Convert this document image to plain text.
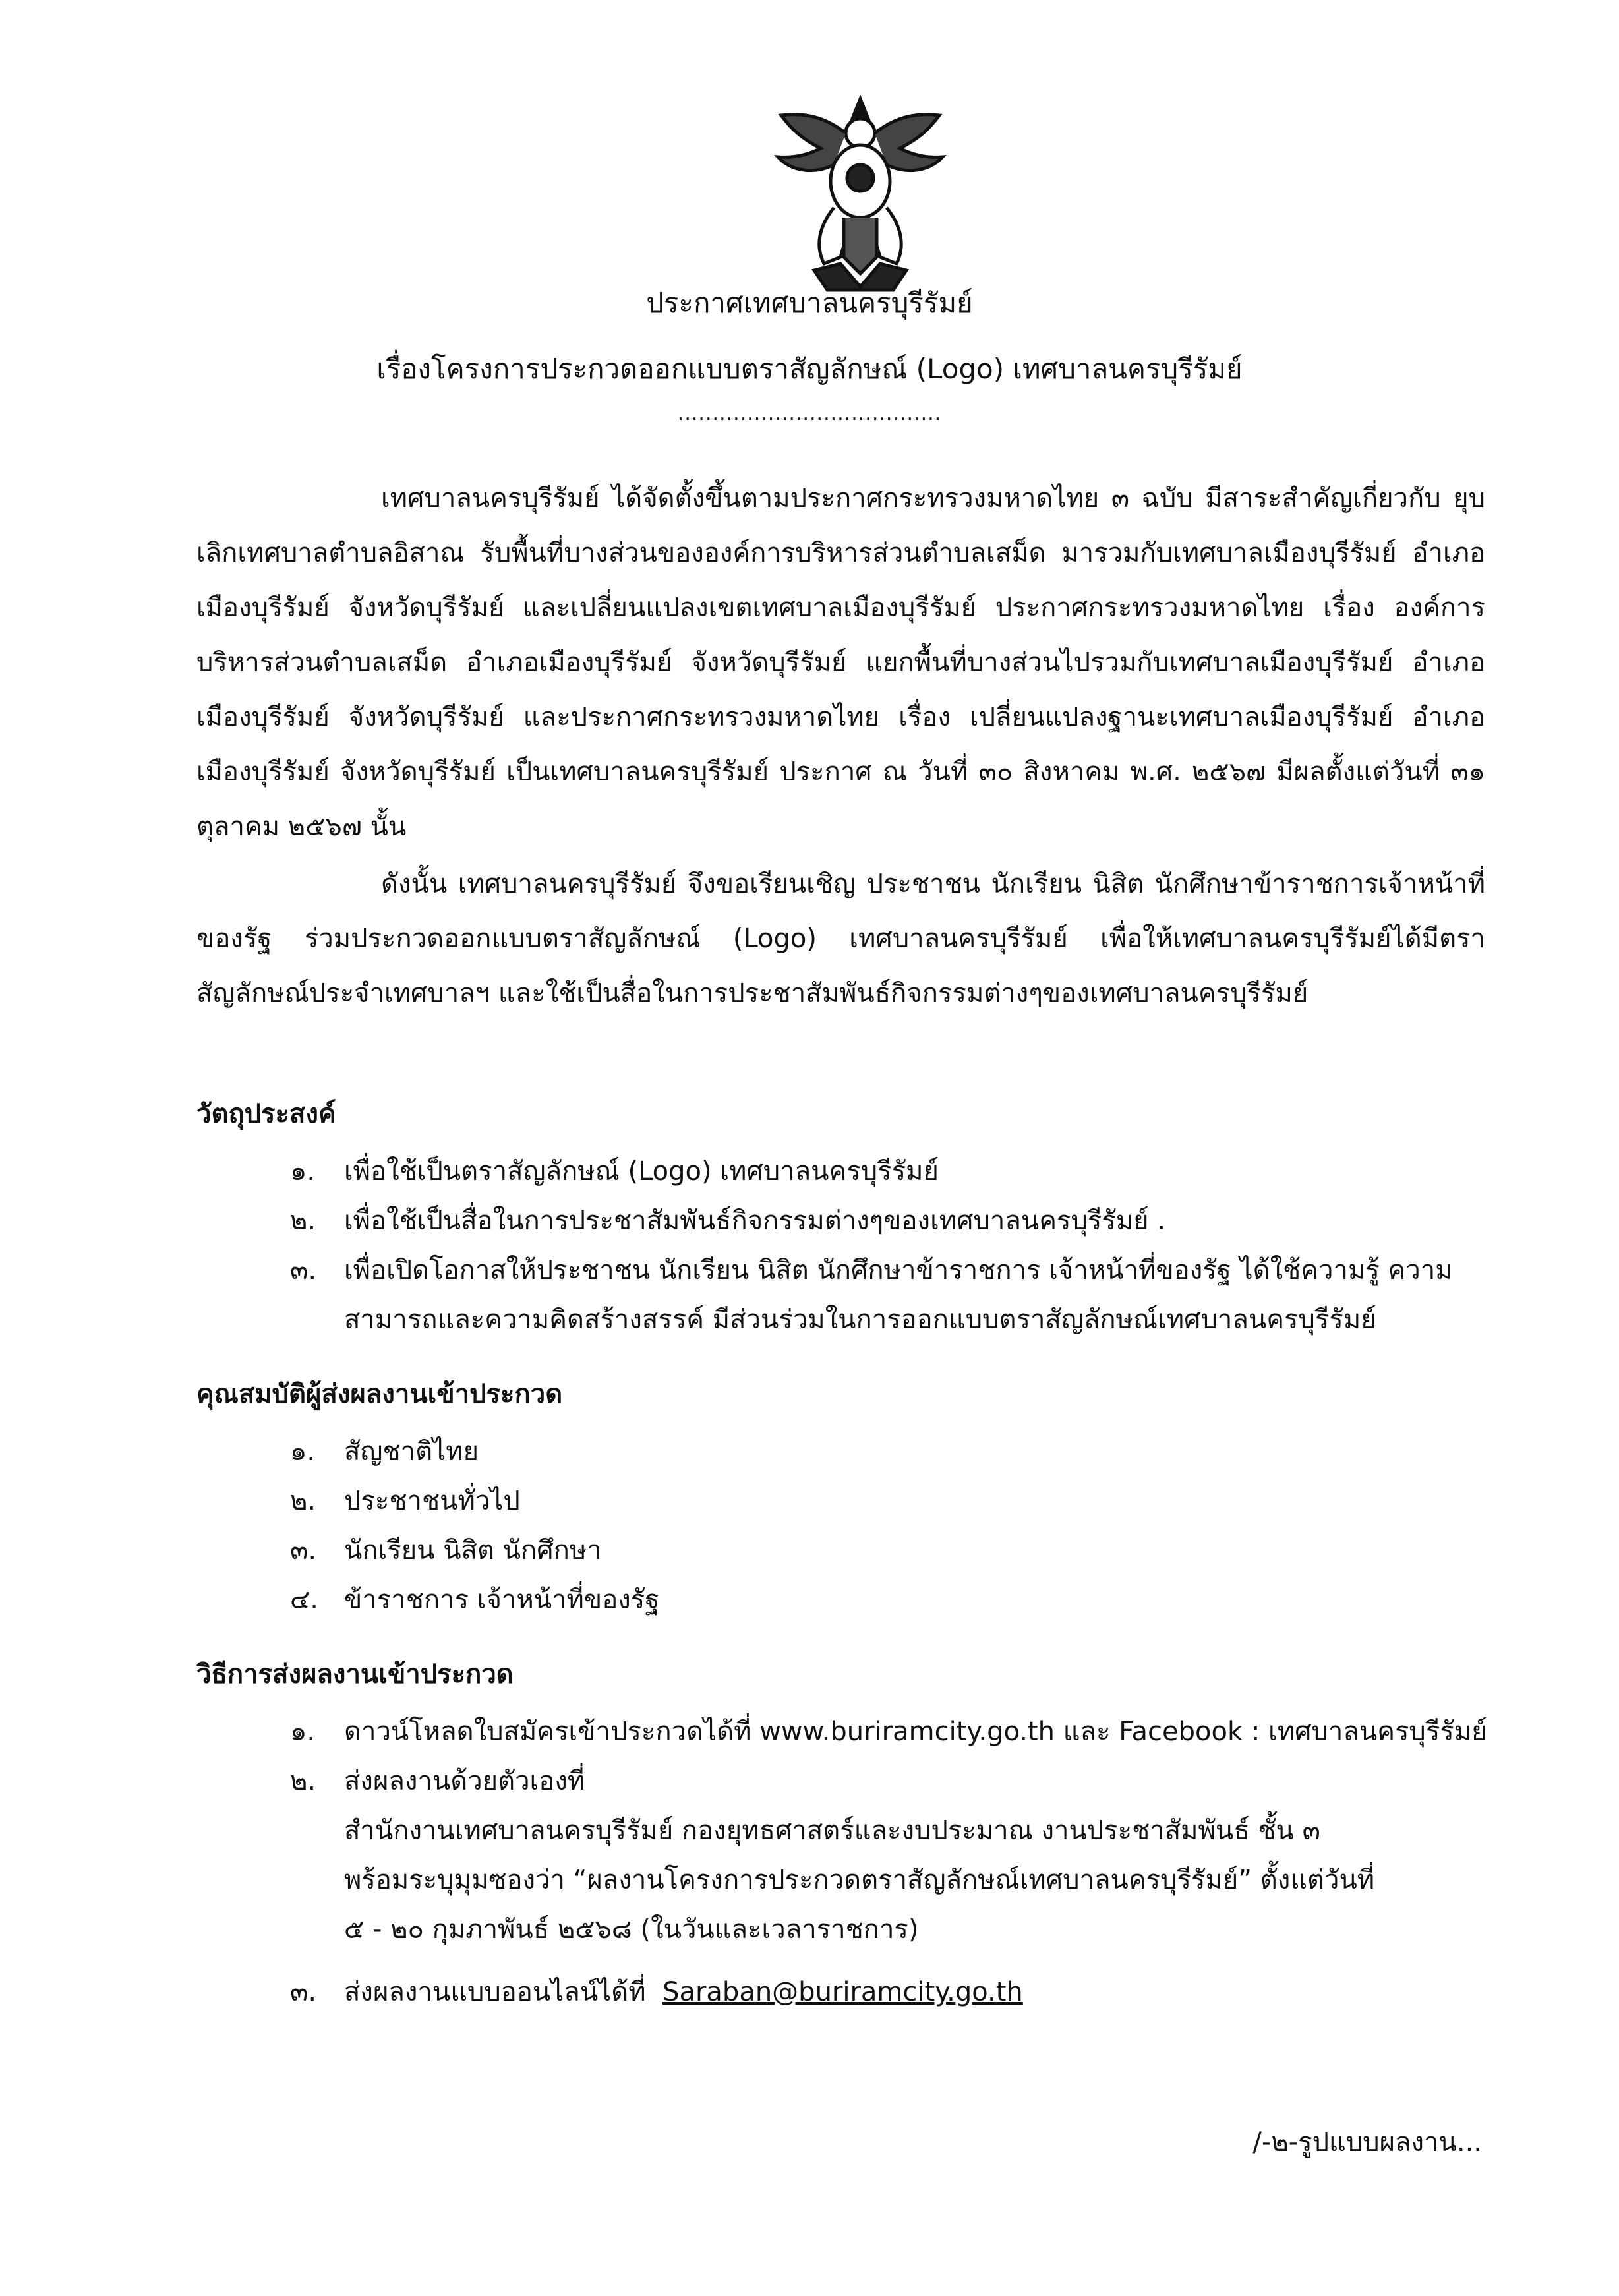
ประกาศเทศบาลนครบุรีรัมย์
เรื่องโครงการประกวดออกแบบตราสัญลักษณ์ (Logo) เทศบาลนครบุรีรัมย์
......................................
เทศบาลนครบุรีรัมย์ ได้จัดตั้งขึ้นตามประกาศกระทรวงมหาดไทย ๓ ฉบับ มีสาระสำคัญเกี่ยวกับ ยุบเลิกเทศบาลตำบลอิสาณ รับพื้นที่บางส่วนขององค์การบริหารส่วนตำบลเสม็ด มารวมกับเทศบาลเมืองบุรีรัมย์ อำเภอเมืองบุรีรัมย์ จังหวัดบุรีรัมย์ และเปลี่ยนแปลงเขตเทศบาลเมืองบุรีรัมย์ ประกาศกระทรวงมหาดไทย เรื่อง องค์การบริหารส่วนตำบลเสม็ด อำเภอเมืองบุรีรัมย์ จังหวัดบุรีรัมย์ แยกพื้นที่บางส่วนไปรวมกับเทศบาลเมืองบุรีรัมย์ อำเภอเมืองบุรีรัมย์ จังหวัดบุรีรัมย์ และประกาศกระทรวงมหาดไทย เรื่อง เปลี่ยนแปลงฐานะเทศบาลเมืองบุรีรัมย์ อำเภอเมืองบุรีรัมย์ จังหวัดบุรีรัมย์ เป็นเทศบาลนครบุรีรัมย์ ประกาศ ณ วันที่ ๓๐ สิงหาคม พ.ศ. ๒๕๖๗ มีผลตั้งแต่วันที่ ๓๑ ตุลาคม ๒๕๖๗ นั้น
ดังนั้น เทศบาลนครบุรีรัมย์ จึงขอเรียนเชิญ ประชาชน นักเรียน นิสิต นักศึกษาข้าราชการเจ้าหน้าที่ของรัฐ ร่วมประกวดออกแบบตราสัญลักษณ์ (Logo) เทศบาลนครบุรีรัมย์ เพื่อให้เทศบาลนครบุรีรัมย์ได้มีตราสัญลักษณ์ประจำเทศบาลฯ และใช้เป็นสื่อในการประชาสัมพันธ์กิจกรรมต่างๆของเทศบาลนครบุรีรัมย์
วัตถุประสงค์
๑.	เพื่อใช้เป็นตราสัญลักษณ์ (Logo) เทศบาลนครบุรีรัมย์
๒.	เพื่อใช้เป็นสื่อในการประชาสัมพันธ์กิจกรรมต่างๆของเทศบาลนครบุรีรัมย์ .
๓.	เพื่อเปิดโอกาสให้ประชาชน นักเรียน นิสิต นักศึกษาข้าราชการ เจ้าหน้าที่ของรัฐ ได้ใช้ความรู้ ความสามารถและความคิดสร้างสรรค์ มีส่วนร่วมในการออกแบบตราสัญลักษณ์เทศบาลนครบุรีรัมย์
คุณสมบัติผู้ส่งผลงานเข้าประกวด
๑.	สัญชาติไทย
๒.	ประชาชนทั่วไป
๓.	นักเรียน นิสิต นักศึกษา
๔. ข้าราชการ เจ้าหน้าที่ของรัฐ
วิธีการส่งผลงานเข้าประกวด
๑.	ดาวน์โหลดใบสมัครเข้าประกวดได้ที่ www.buriramcity.go.th และ Facebook : เทศบาลนครบุรีรัมย์
๒.	ส่งผลงานด้วยตัวเองที่
สำนักงานเทศบาลนครบุรีรัมย์ กองยุทธศาสตร์และงบประมาณ งานประชาสัมพันธ์ ชั้น ๓
พร้อมระบุมุมซองว่า “ผลงานโครงการประกวดตราสัญลักษณ์เทศบาลนครบุรีรัมย์” ตั้งแต่วันที่
๕ - ๒๐ กุมภาพันธ์ ๒๕๖๘ (ในวันและเวลาราชการ)
๓.	ส่งผลงานแบบออนไลน์ได้ที่ Saraban@buriramcity.go.th
/-๒-รูปแบบผลงาน...
